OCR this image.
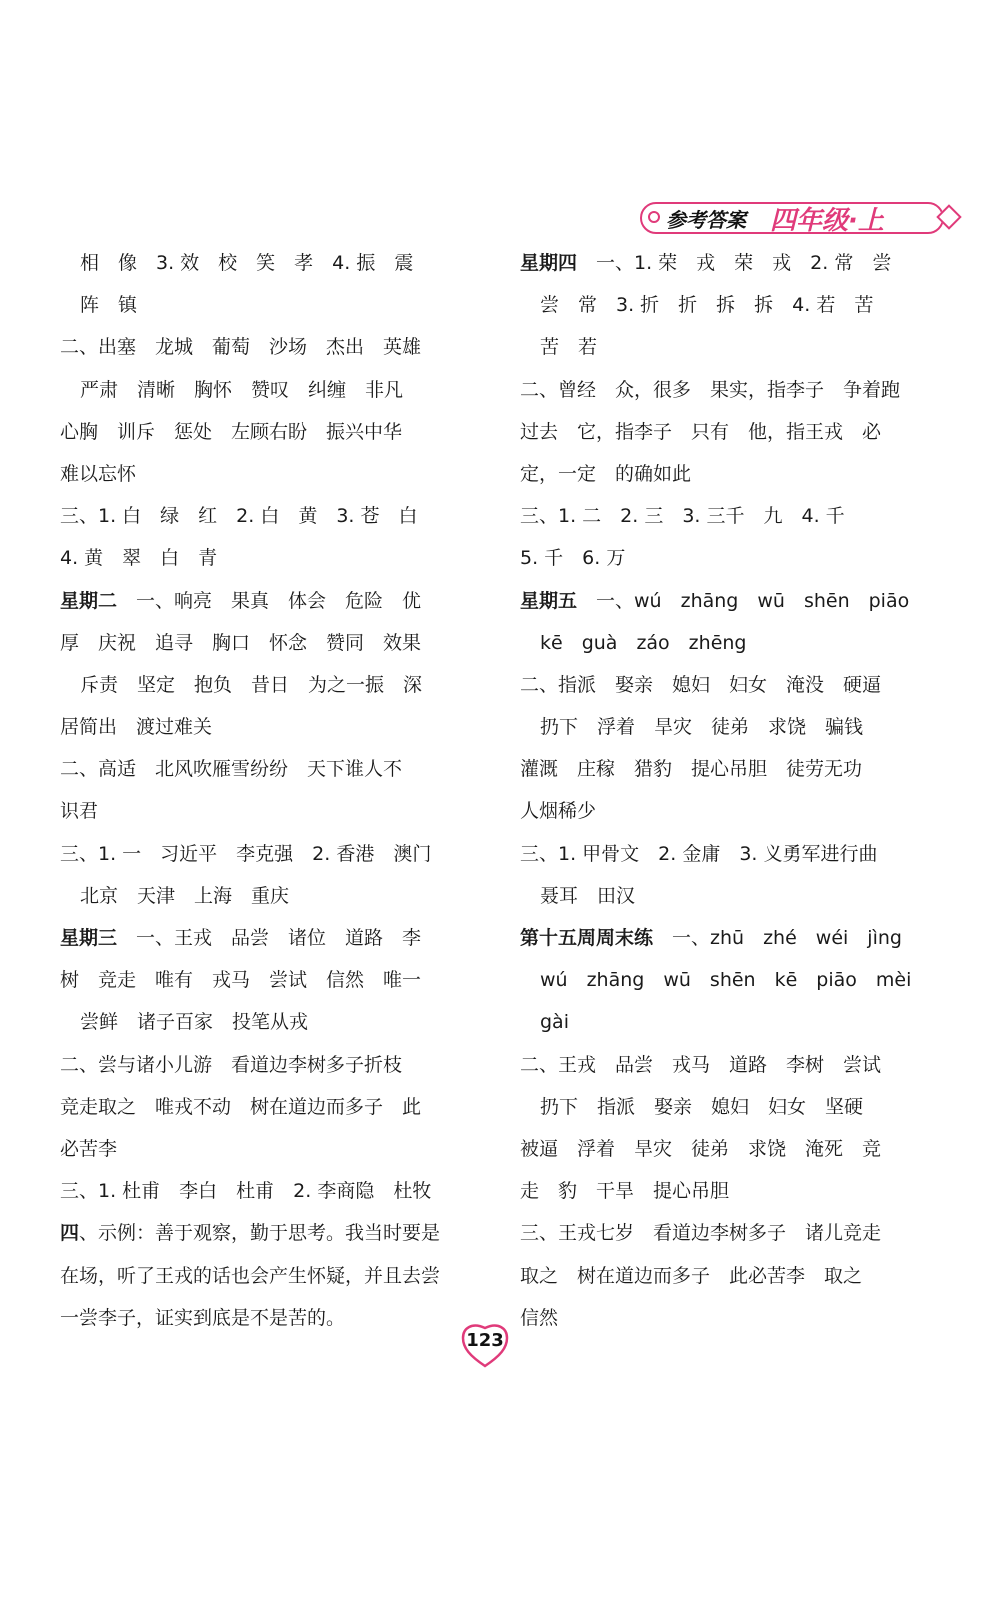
参考答案 四年级·上
相　像　3. 效　校　笑　孝　4. 振　震
阵　镇
二、出塞　龙城　葡萄　沙场　杰出　英雄
严肃　清晰　胸怀　赞叹　纠缠　非凡
心胸　训斥　惩处　左顾右盼　振兴中华
难以忘怀
三、1. 白　绿　红　2. 白　黄　3. 苍　白
4. 黄　翠　白　青
星期二　一、响亮　果真　体会　危险　优
厚　庆祝　追寻　胸口　怀念　赞同　效果
斥责　坚定　抱负　昔日　为之一振　深
居简出　渡过难关
二、高适　北风吹雁雪纷纷　天下谁人不
识君
三、1. 一　习近平　李克强　2. 香港　澳门
北京　天津　上海　重庆
星期三　一、王戎　品尝　诸位　道路　李
树　竞走　唯有　戎马　尝试　信然　唯一
尝鲜　诸子百家　投笔从戎
二、尝与诸小儿游　看道边李树多子折枝
竞走取之　唯戎不动　树在道边而多子　此
必苦李
三、1. 杜甫　李白　杜甫　2. 李商隐　杜牧
四、示例：善于观察，勤于思考。我当时要是
在场，听了王戎的话也会产生怀疑，并且去尝
一尝李子，证实到底是不是苦的。
星期四　一、1. 荣　戎　荣　戎　2. 常　尝
尝　常　3. 折　折　拆　拆　4. 若　苦
苦　若
二、曾经　众，很多　果实，指李子　争着跑
过去　它，指李子　只有　他，指王戎　必
定，一定　的确如此
三、1. 二　2. 三　3. 三千　九　4. 千
5. 千　6. 万
星期五　一、wú　zhāng　wū　shēn　piāo
kē　guà　záo　zhēng
二、指派　娶亲　媳妇　妇女　淹没　硬逼
扔下　浮着　旱灾　徒弟　求饶　骗钱
灌溉　庄稼　猎豹　提心吊胆　徒劳无功
人烟稀少
三、1. 甲骨文　2. 金庸　3. 义勇军进行曲
聂耳　田汉
第十五周周末练　一、zhū　zhé　wéi　jìng
wú　zhāng　wū　shēn　kē　piāo　mèi
gài
二、王戎　品尝　戎马　道路　李树　尝试
扔下　指派　娶亲　媳妇　妇女　坚硬
被逼　浮着　旱灾　徒弟　求饶　淹死　竞
走　豹　干旱　提心吊胆
三、王戎七岁　看道边李树多子　诸儿竞走
取之　树在道边而多子　此必苦李　取之
信然
123
